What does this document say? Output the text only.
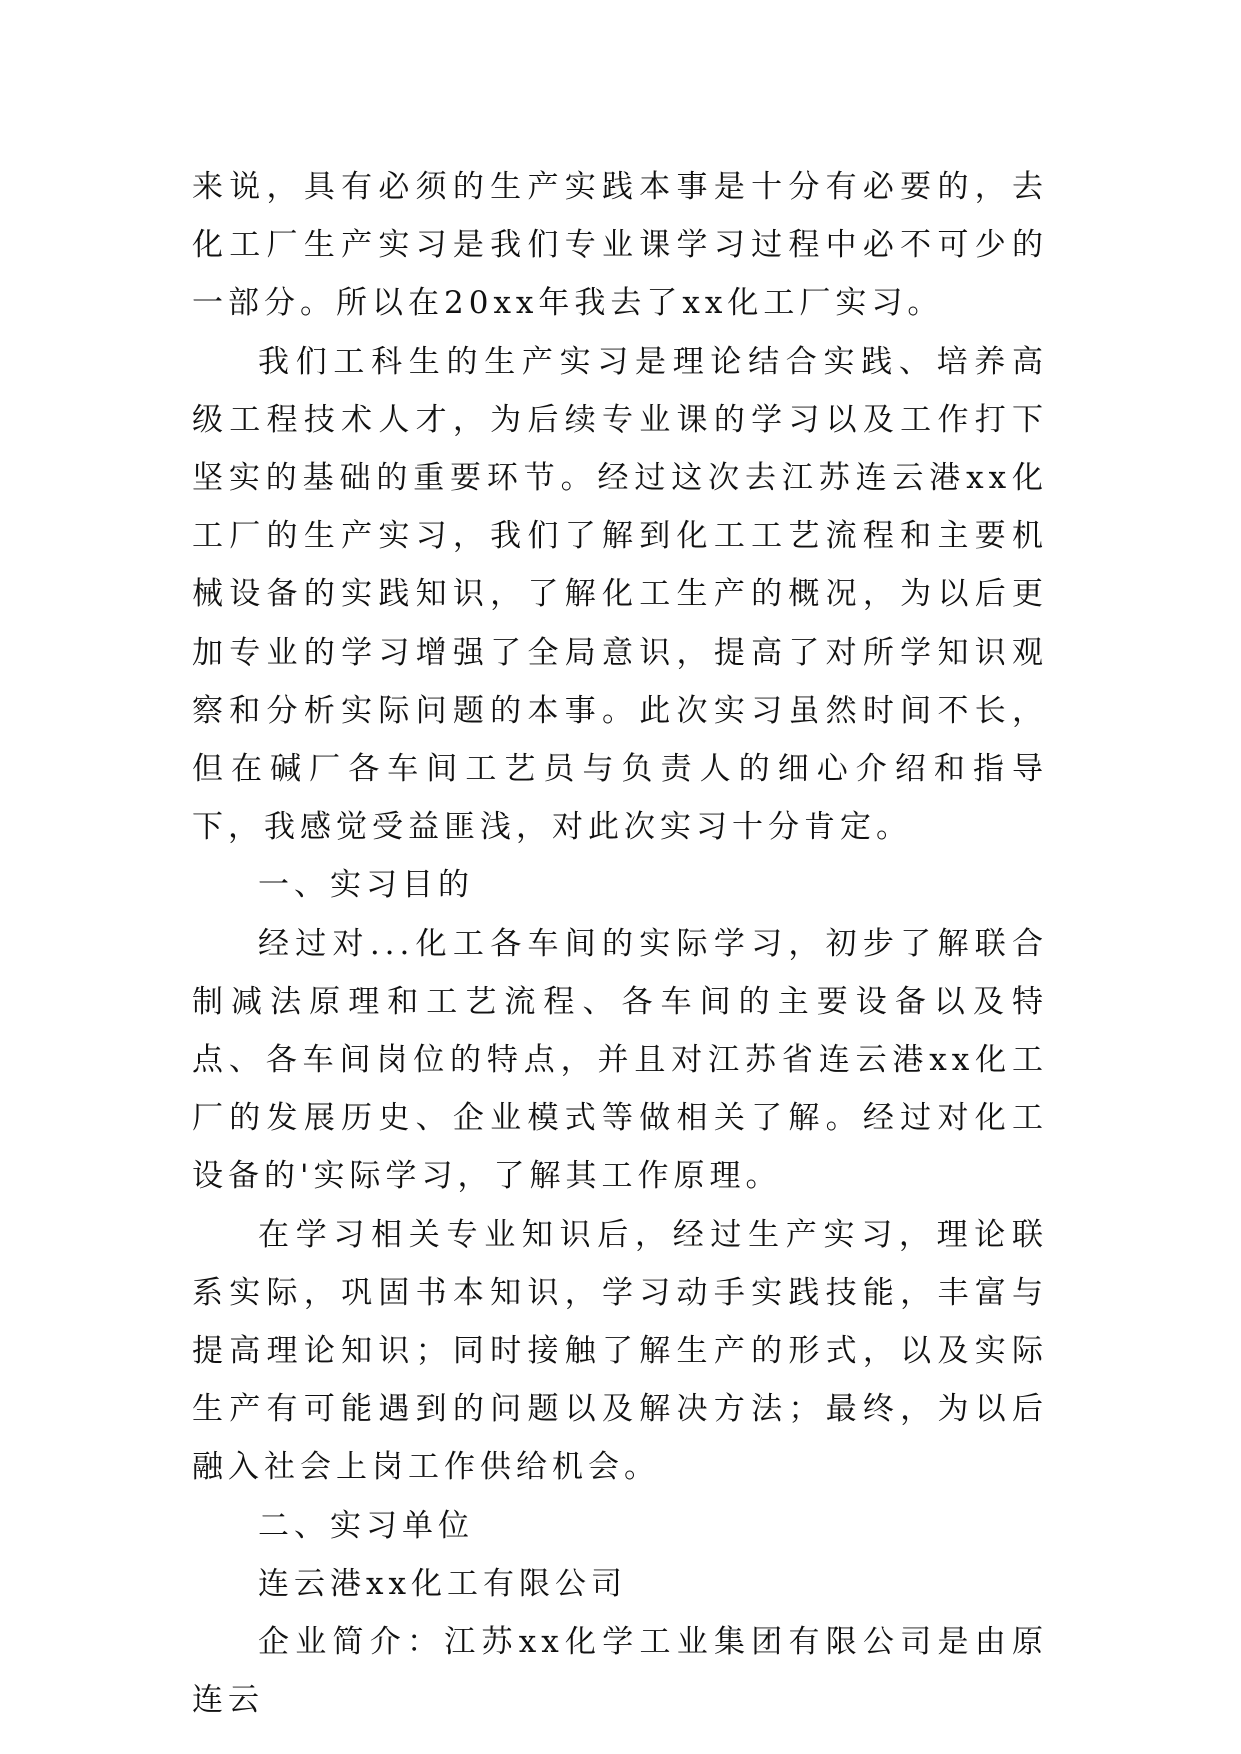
来说，具有必须的生产实践本事是十分有必要的，去化工厂生产实习是我们专业课学习过程中必不可少的一部分。所以在20xx年我去了xx化工厂实习。

我们工科生的生产实习是理论结合实践、培养高级工程技术人才，为后续专业课的学习以及工作打下坚实的基础的重要环节。经过这次去江苏连云港xx化工厂的生产实习，我们了解到化工工艺流程和主要机械设备的实践知识，了解化工生产的概况，为以后更加专业的学习增强了全局意识，提高了对所学知识观察和分析实际问题的本事。此次实习虽然时间不长，但在碱厂各车间工艺员与负责人的细心介绍和指导下，我感觉受益匪浅，对此次实习十分肯定。

一、实习目的

经过对...化工各车间的实际学习，初步了解联合制减法原理和工艺流程、各车间的主要设备以及特点、各车间岗位的特点，并且对江苏省连云港xx化工厂的发展历史、企业模式等做相关了解。经过对化工设备的'实际学习，了解其工作原理。

在学习相关专业知识后，经过生产实习，理论联系实际，巩固书本知识，学习动手实践技能，丰富与提高理论知识；同时接触了解生产的形式，以及实际生产有可能遇到的问题以及解决方法；最终，为以后融入社会上岗工作供给机会。

二、实习单位

连云港xx化工有限公司

企业简介：江苏xx化学工业集团有限公司是由原连云
